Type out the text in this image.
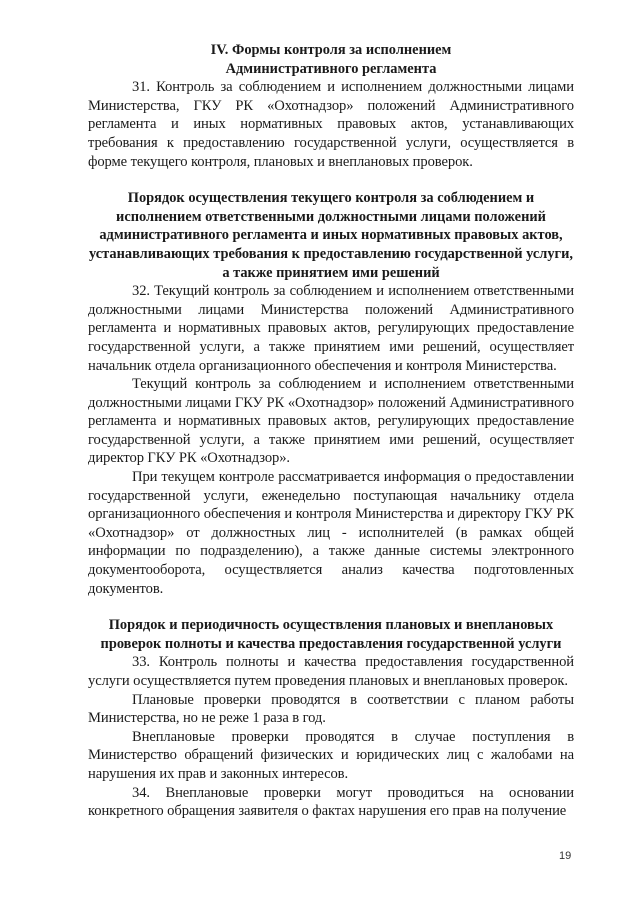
IV. Формы контроля за исполнением

Административного регламента

31. Контроль за соблюдением и исполнением должностными лицами Министерства, ГКУ РК «Охотнадзор» положений Административного регламента и иных нормативных правовых актов, устанавливающих требования к предоставлению государственной услуги, осуществляется в форме текущего контроля, плановых и внеплановых проверок.

Порядок осуществления текущего контроля за соблюдением и исполнением ответственными должностными лицами положений административного регламента и иных нормативных правовых актов, устанавливающих требования к предоставлению государственной услуги, а также принятием ими решений

32. Текущий контроль за соблюдением и исполнением ответственными должностными лицами Министерства положений Административного регламента и нормативных правовых актов, регулирующих предоставление государственной услуги, а также принятием ими решений, осуществляет начальник отдела организационного обеспечения и контроля Министерства.

Текущий контроль за соблюдением и исполнением ответственными должностными лицами ГКУ РК «Охотнадзор» положений Административного регламента и нормативных правовых актов, регулирующих предоставление государственной услуги, а также принятием ими решений, осуществляет директор ГКУ РК «Охотнадзор».

При текущем контроле рассматривается информация о предоставлении государственной услуги, еженедельно поступающая начальнику отдела организационного обеспечения и контроля Министерства и директору ГКУ РК «Охотнадзор» от должностных лиц - исполнителей (в рамках общей информации по подразделению), а также данные системы электронного документооборота, осуществляется анализ качества подготовленных документов.

Порядок и периодичность осуществления плановых и внеплановых проверок полноты и качества предоставления государственной услуги

33. Контроль полноты и качества предоставления государственной услуги осуществляется путем проведения плановых и внеплановых проверок.

Плановые проверки проводятся в соответствии с планом работы Министерства, но не реже 1 раза в год.

Внеплановые проверки проводятся в случае поступления в Министерство обращений физических и юридических лиц с жалобами на нарушения их прав и законных интересов.

34. Внеплановые проверки могут проводиться на основании конкретного обращения заявителя о фактах нарушения его прав на получение

19
